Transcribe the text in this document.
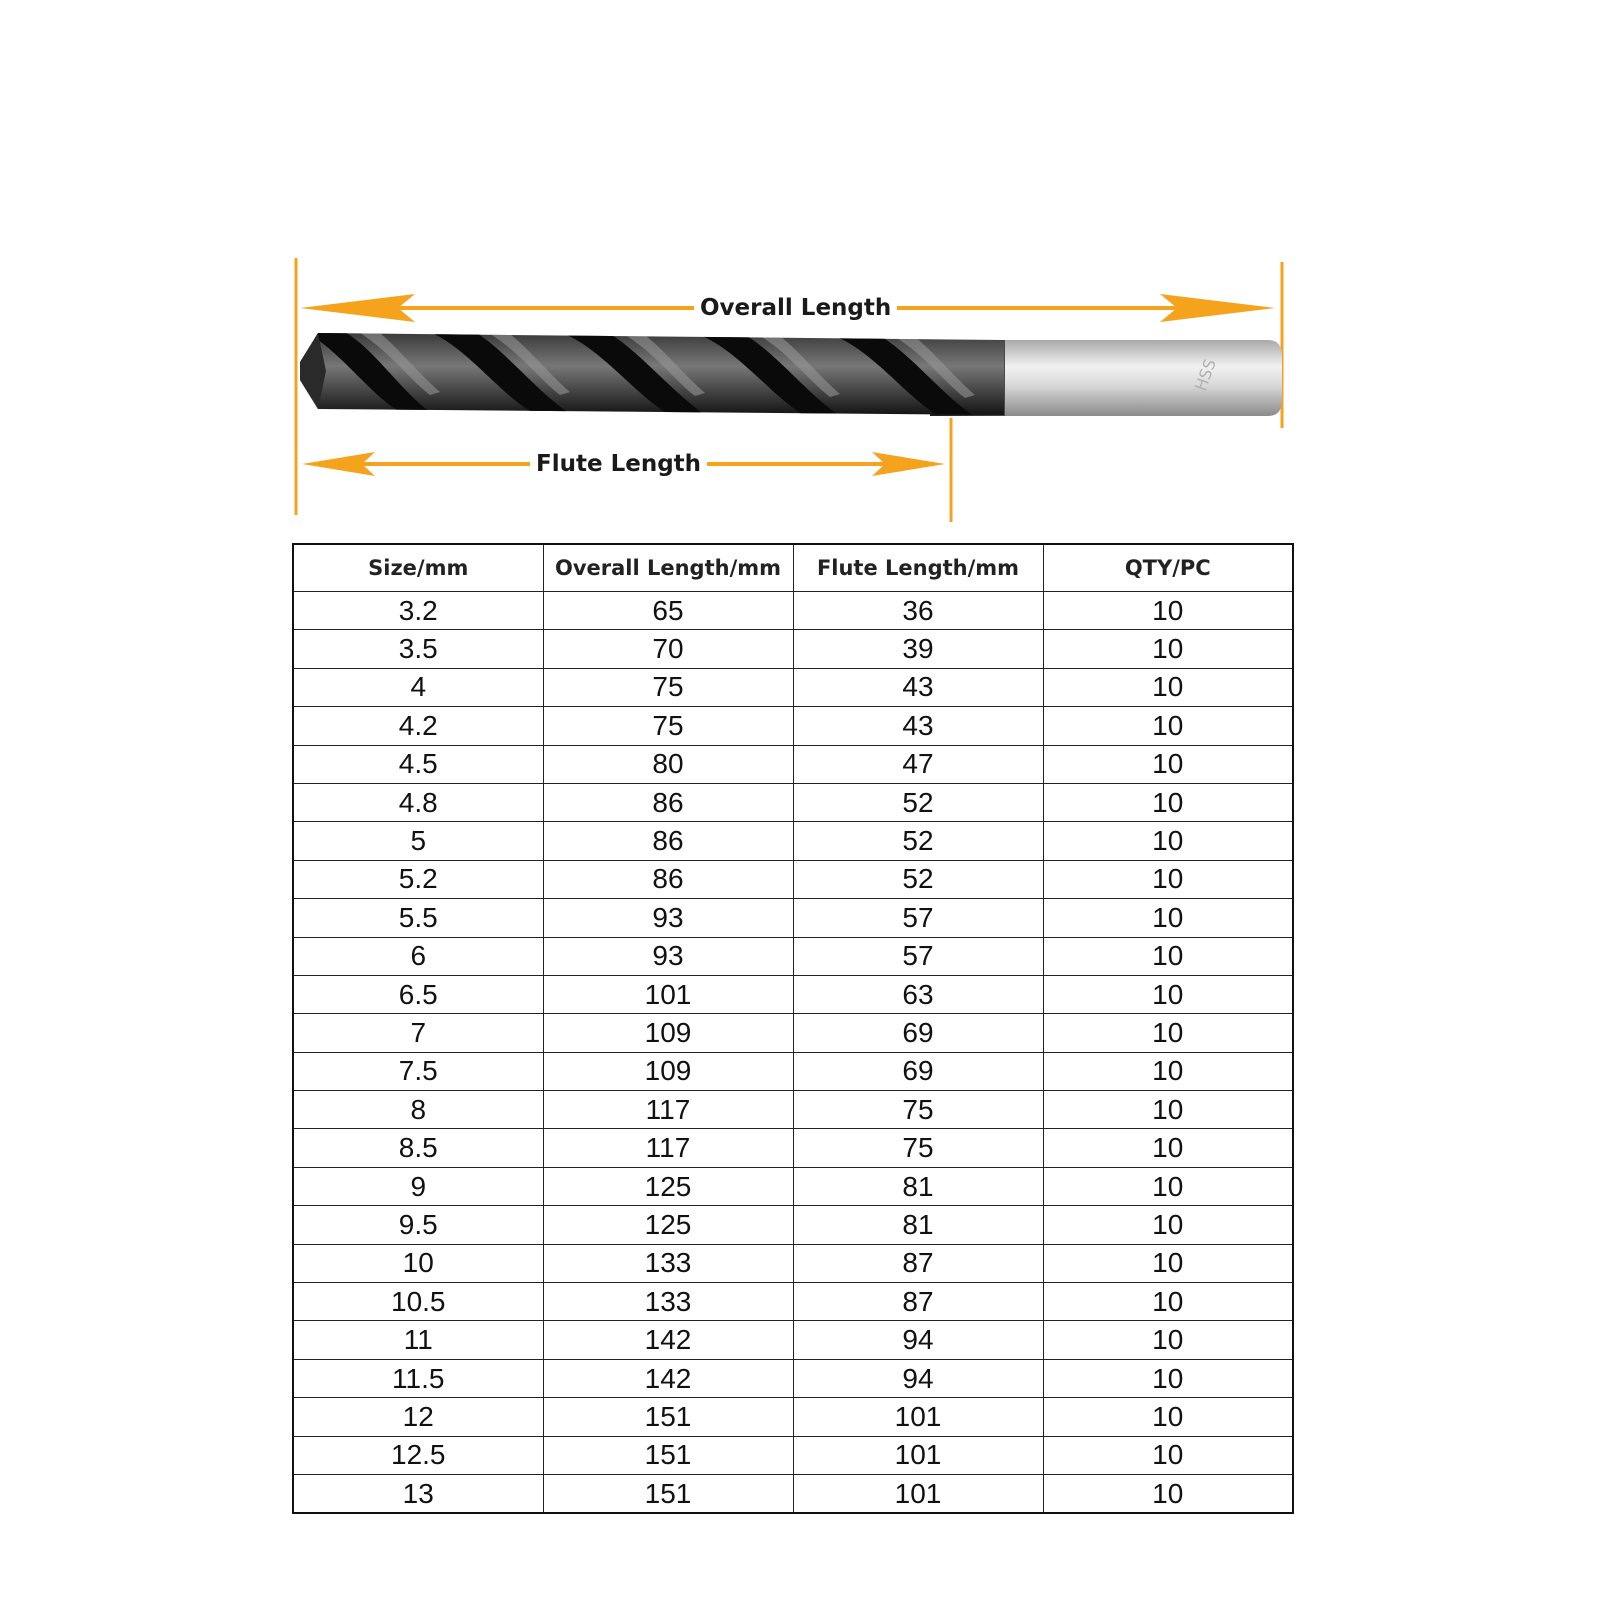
HSS
Overall Length
Flute Length
Size/mm	Overall Length/mm	Flute Length/mm	QTY/PC
3.2	65	36	10
3.5	70	39	10
4	75	43	10
4.2	75	43	10
4.5	80	47	10
4.8	86	52	10
5	86	52	10
5.2	86	52	10
5.5	93	57	10
6	93	57	10
6.5	101	63	10
7	109	69	10
7.5	109	69	10
8	117	75	10
8.5	117	75	10
9	125	81	10
9.5	125	81	10
10	133	87	10
10.5	133	87	10
11	142	94	10
11.5	142	94	10
12	151	101	10
12.5	151	101	10
13	151	101	10
